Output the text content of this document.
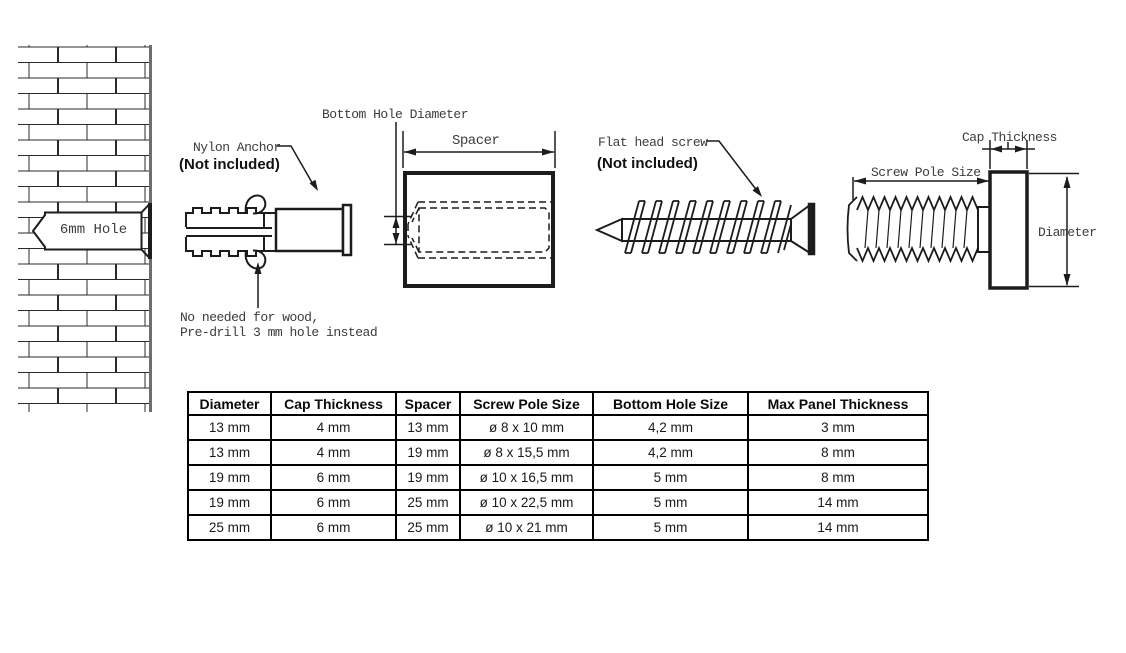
6mm Hole
Nylon Anchor
(Not included)
Bottom Hole Diameter
Spacer	Flat head screw
(Not included)
Cap Thickness
Screw Pole Size
Diameter
No needed for wood,
Pre-drill 3 mm hole instead
Diameter	Cap Thickness	Spacer	Screw Pole Size	Bottom Hole Size	Max Panel Thickness
13 mm	4 mm	13 mm	ø 8 x 10 mm	4,2 mm	3 mm
13 mm	4 mm	19 mm	ø 8 x 15,5 mm	4,2 mm	8 mm
19 mm	6 mm	19 mm	ø 10 x 16,5 mm	5 mm	8 mm
19 mm	6 mm	25 mm	ø 10 x 22,5 mm	5 mm	14 mm
25 mm	6 mm	25 mm	ø 10 x 21 mm	5 mm	14 mm
